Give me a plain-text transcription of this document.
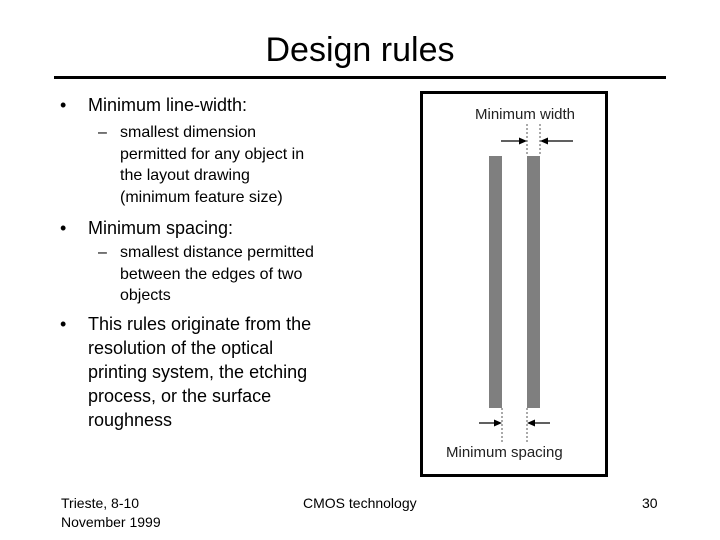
Design rules
• Minimum line-width:
– smallest dimension
permitted for any object in
the layout drawing
(minimum feature size)
• Minimum spacing:
– smallest distance permitted
between the edges of two
objects
• This rules originate from the
resolution of the optical
printing system, the etching
process, or the surface
roughness
Minimum width
Minimum spacing
Trieste, 8-10
November 1999
CMOS technology	30
